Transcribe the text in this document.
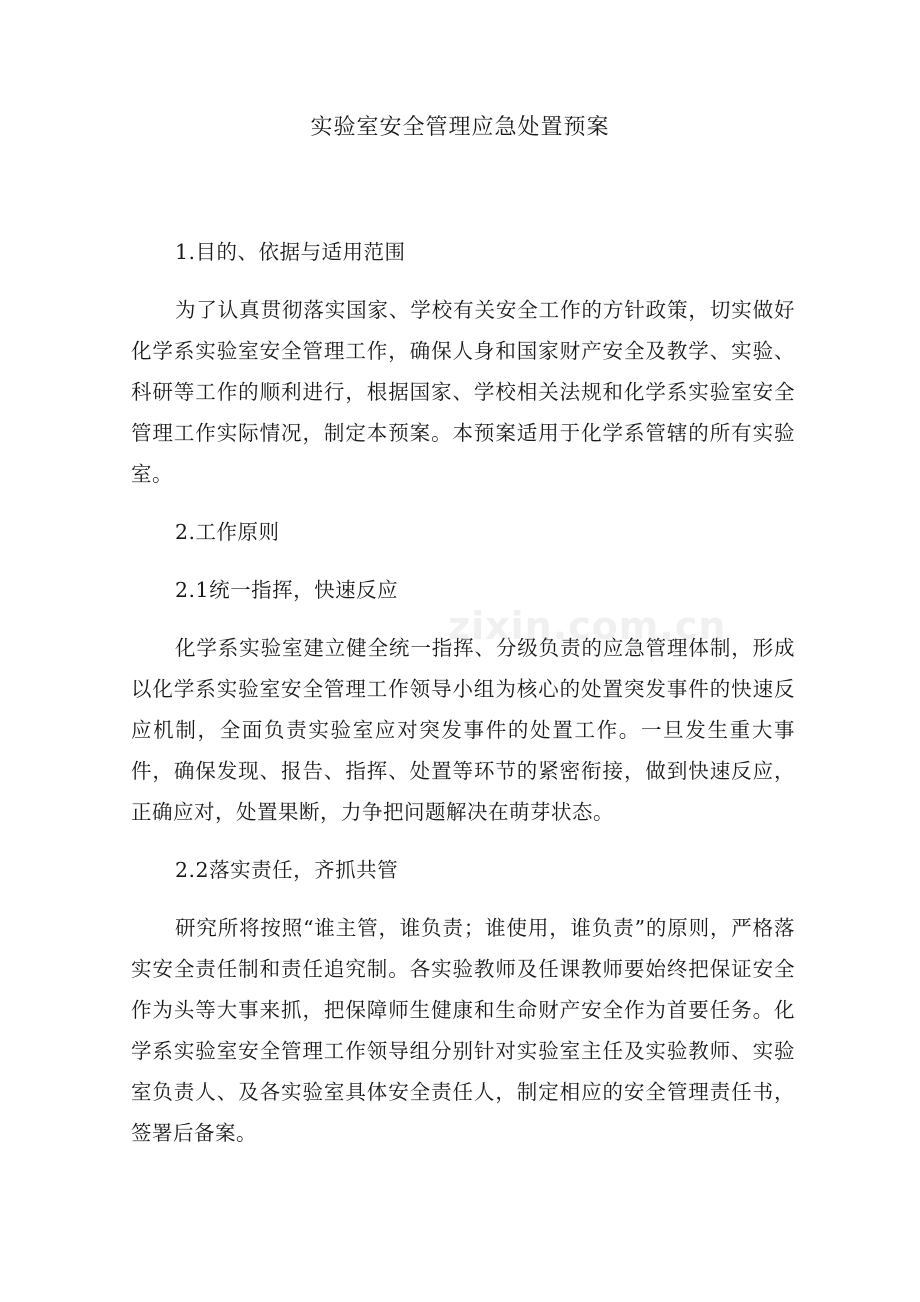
实验室安全管理应急处置预案
1.目的、依据与适用范围

为了认真贯彻落实国家、学校有关安全工作的方针政策，切实做好化学系实验室安全管理工作，确保人身和国家财产安全及教学、实验、科研等工作的顺利进行，根据国家、学校相关法规和化学系实验室安全管理工作实际情况，制定本预案。本预案适用于化学系管辖的所有实验室。

2.工作原则
2.1统一指挥，快速反应

化学系实验室建立健全统一指挥、分级负责的应急管理体制，形成以化学系实验室安全管理工作领导小组为核心的处置突发事件的快速反应机制，全面负责实验室应对突发事件的处置工作。一旦发生重大事件，确保发现、报告、指挥、处置等环节的紧密衔接，做到快速反应，正确应对，处置果断，力争把问题解决在萌芽状态。

2.2落实责任，齐抓共管

研究所将按照“谁主管，谁负责；谁使用，谁负责”的原则，严格落实安全责任制和责任追究制。各实验教师及任课教师要始终把保证安全作为头等大事来抓，把保障师生健康和生命财产安全作为首要任务。化学系实验室安全管理工作领导组分别针对实验室主任及实验教师、实验室负责人、及各实验室具体安全责任人，制定相应的安全管理责任书，签署后备案。

zixin.com.cn
